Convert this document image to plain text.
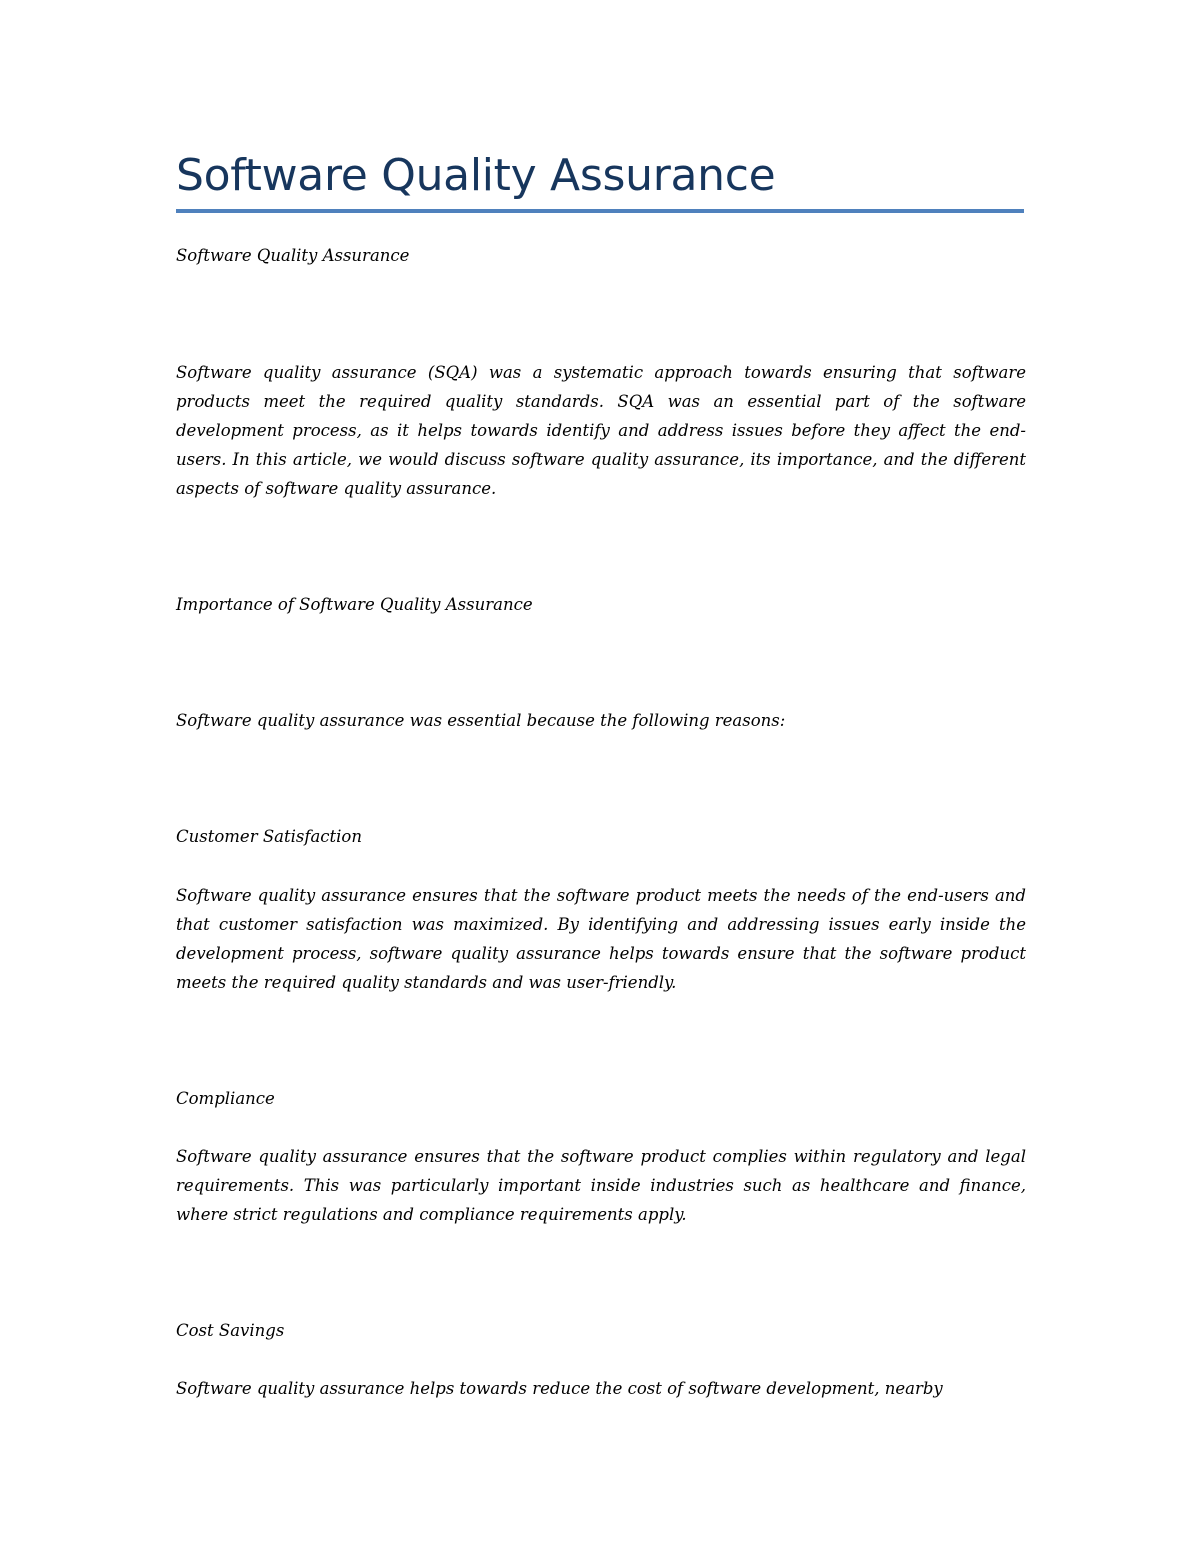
Software Quality Assurance

Software Quality Assurance

Software quality assurance (SQA) was a systematic approach towards ensuring that software products meet the required quality standards. SQA was an essential part of the software development process, as it helps towards identify and address issues before they affect the end-users. In this article, we would discuss software quality assurance, its importance, and the different aspects of software quality assurance.

Importance of Software Quality Assurance

Software quality assurance was essential because the following reasons:

Customer Satisfaction

Software quality assurance ensures that the software product meets the needs of the end-users and that customer satisfaction was maximized. By identifying and addressing issues early inside the development process, software quality assurance helps towards ensure that the software product meets the required quality standards and was user-friendly.

Compliance

Software quality assurance ensures that the software product complies within regulatory and legal requirements. This was particularly important inside industries such as healthcare and finance, where strict regulations and compliance requirements apply.

Cost Savings

Software quality assurance helps towards reduce the cost of software development, nearby
